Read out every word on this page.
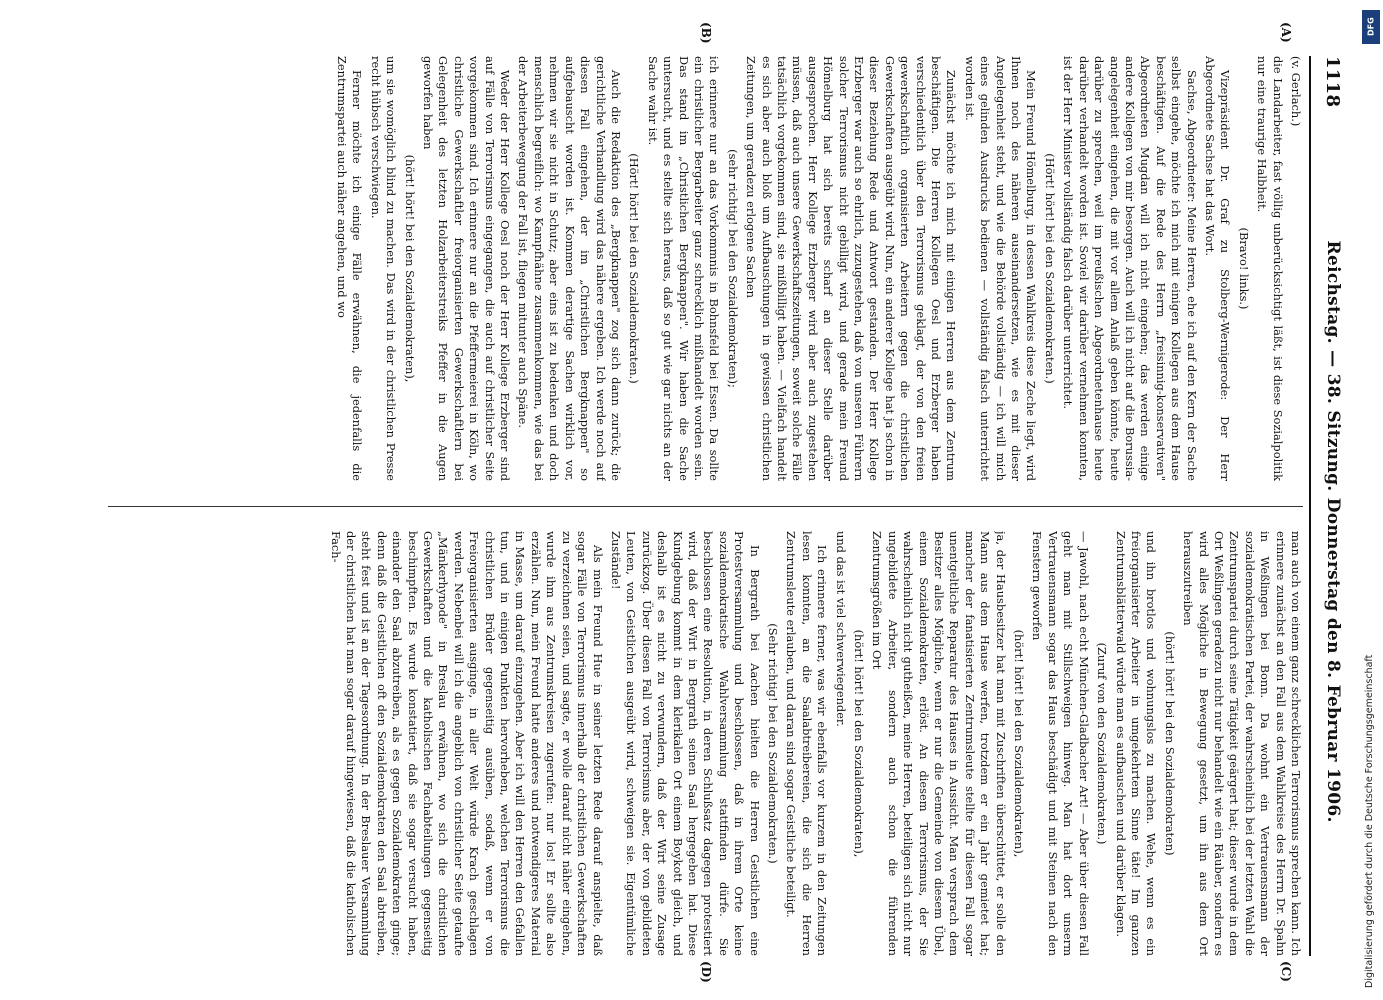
1118
Reichstag. — 38. Sitzung. Donnerstag den 8. Februar 1906.

(v. Gerlach.)

die Landarbeiter, fast völlig unberücksichtigt läßt, ist diese Sozialpolitik nur eine traurige Halbheit.

(Bravo! links.)

Vizepräsident Dr. Graf zu Stolberg-Wernigerode: Der Herr Abgeordnete Sachse hat das Wort.

Sachse, Abgeordneter: Meine Herren, ehe ich auf den Kern der Sache selbst eingehe, möchte ich mich mit einigen Kollegen aus dem Hause beschäftigen. Auf die Rede des Herrn „freisinnig-konservativen" Abgeordneten Mugdan will ich nicht eingehen; das werden einige andere Kollegen von mir besorgen. Auch will ich nicht auf die Borussia-angelegenheit eingehen, die mit vor allem Anlaß geben könnte, heute darüber zu sprechen, weil im preußischen Abgeordnetenhause heute darüber verhandelt worden ist. Soviel wir darüber vernehmen konnten, ist der Herr Minister vollständig falsch darüber unterrichtet.

(Hört! hört! bei den Sozialdemokraten.)

Mein Freund Hömelburg, in dessen Wahlkreis diese Zeche liegt, wird Ihnen noch des näheren auseinandersetzen, wie es mit dieser Angelegenheit steht, und wie die Behörde vollständig — ich will mich eines gelinden Ausdrucks bedienen — vollständig falsch unterrichtet worden ist.

Zunächst möchte ich mich mit einigen Herren aus dem Zentrum beschäftigen. Die Herren Kollegen Oesl und Erzberger haben verschiedentlich über den Terrorismus geklagt, der von den freien gewerkschaftlich organisierten Arbeitern gegen die christlichen Gewerkschaften ausgeübt wird. Nun, ein anderer Kollege hat ja schon in dieser Beziehung Rede und Antwort gestanden. Der Herr Kollege Erzberger war auch so ehrlich, zuzugestehen, daß von unseren Führern solcher Terrorismus nicht gebilligt wird, und gerade mein Freund Hömelburg hat sich bereits scharf an dieser Stelle darüber ausgesprochen. Herr Kollege Erzberger wird aber auch zugestehen müssen, daß auch unsere Gewerkschaftszeitungen, soweit solche Fälle tatsächlich vorgekommen sind, sie mißbilligt haben. — Vielfach handelt es sich aber auch bloß um Aufbauschungen in gewissen christlichen Zeitungen, um geradezu erlogene Sachen

(sehr richtig! bei den Sozialdemokraten);

ich erinnere nur an das Vorkommnis in Bohnsfeld bei Essen. Da sollte ein christlicher Bergarbeiter ganz schrecklich mißhandelt worden sein. Das stand im „Christlichen Bergknappen". Wir haben die Sache untersucht, und es stellte sich heraus, daß so gut wie gar nichts an der Sache wahr ist.

(Hört! hört! bei den Sozialdemokraten.)

Auch die Redaktion des „Bergknappen" zog sich dann zurück; die gerichtliche Verhandlung wird das nähere ergeben. Ich werde noch auf diesen Fall eingehen, der im „Christlichen Bergknappen" so aufgebauscht worden ist. Kommen derartige Sachen wirklich vor, nehmen wir sie nicht in Schutz; aber eins ist zu bedenken und doch menschlich begreiflich: wo Kampfhähne zusammenkommen, wie das bei der Arbeiterbewegung der Fall ist, fliegen mitunter auch Späne.

Weder der Herr Kollege Oesl noch der Herr Kollege Erzberger sind auf Fälle von Terrorismus eingegangen, die auch auf christlicher Seite vorgekommen sind. Ich erinnere nur an die Pfeffermeierei in Köln, wo christliche Gewerkschaftler freiorganisierten Gewerkschaftlern bei Gelegenheit des letzten Holzarbeiterstreiks Pfeffer in die Augen geworfen haben

(hört! hört! bei den Sozialdemokraten),

um sie womöglich blind zu machen. Das wird in der christlichen Presse recht hübsch verschwiegen.

Ferner möchte ich einige Fälle erwähnen, die jedenfalls die Zentrumspartei auch näher angehen, und wo

man auch von einem ganz schrecklichen Terrorismus sprechen kann. Ich erinnere zunächst an den Fall aus dem Wahlkreise des Herrn Dr. Spahn in Weßlingen bei Bonn. Da wohnt ein Vertrauensmann der sozialdemokratischen Partei, der wahrscheinlich bei der letzten Wahl die Zentrumspartei durch seine Tätigkeit geärgert hat; dieser wurde in dem Ort Weßlingen geradezu nicht nur behandelt wie ein Räuber, sondern es wird alles Mögliche in Bewegung gesetzt, um ihn aus dem Ort herauszutreiben

(hört! hört! bei den Sozialdemokraten)

und ihn brotlos und wohnungslos zu machen. Wehe, wenn es ein freiorganisierter Arbeiter in umgekehrtem Sinne täte! Im ganzen Zentrumsblätterwald würde man es aufbauschen und darüber klagen.

(Zuruf von den Sozialdemokraten.)

— Jawohl, nach echt München-Gladbacher Art! — Aber über diesen Fall geht man mit Stillschweigen hinweg. Man hat dort unserm Vertrauensmann sogar das Haus beschädigt und mit Steinen nach den Fenstern geworfen

(hört! hört! bei den Sozialdemokraten),

ja, der Hausbesitzer hat man mit Zuschriften überschüttet, er solle den Mann aus dem Hause werfen, trotzdem er ein Jahr gemietet hat; mancher der fanatisierten Zentrumsleute stellte für diesen Fall sogar unentgeltliche Reparatur des Hauses in Aussicht. Man versprach dem Besitzer alles Mögliche, wenn er nur die Gemeinde von diesem Übel, einem Sozialdemokraten, erlöst. An diesem Terrorismus, der Sie wahrscheinlich nicht gutheißen, meine Herren, beteiligen sich nicht nur ungebildete Arbeiter, sondern auch schon die führenden Zentrumsgrößen im Ort

(hört! hört! bei den Sozialdemokraten),

und das ist viel schwerwiegender.

Ich erinnere ferner, was wir ebenfalls vor kurzem in den Zeitungen lesen konnten, an die Saalabtreibereien, die sich die Herren Zentrumsleute erlauben, und daran sind sogar Geistliche beteiligt.

(Sehr richtig! bei den Sozialdemokraten.)

In Bergrath bei Aachen hielten die Herren Geistlichen eine Protestversammlung und beschlossen, daß in ihrem Orte keine sozialdemokratische Wahlversammlung stattfinden dürfe. Sie beschlossen eine Resolution, in deren Schlußsatz dagegen protestiert wird, daß der Wirt in Bergrath seinen Saal hergegeben hat. Diese Kundgebung kommt in dem klerikalen Ort einem Boykott gleich, und deshalb ist es nicht zu verwundern, daß der Wirt seine Zusage zurückzog. Über diesen Fall von Terrorismus aber, der von gebildeten Leuten, von Geistlichen ausgeübt wird, schweigen sie. Eigentümliche Zustände!

Als mein Freund Hue in seiner letzten Rede darauf anspielte, daß sogar Fälle von Terrorismus innerhalb der christlichen Gewerkschaften zu verzeichnen seien, und sagte, er wolle darauf nicht näher eingehen, wurde ihm aus Zentrumskreisen zugerufen: nur los! Er sollte also erzählen. Nun, mein Freund hatte anderes und notwendigeres Material in Masse, um darauf einzugehen. Aber ich will den Herren den Gefallen tun, und in einigen Punkten hervorheben, welchen Terrorismus die christlichen Brüder gegenseitig ausüben, sodaß, wenn er von Freiorganisierten ausginge, in aller Welt würde Krach geschlagen werden. Nebenbei will ich die angeblich von christlicher Seite getaufte „Mänkerhynode" in Breslau erwähnen, wo sich die christlichen Gewerkschaften und die katholischen Fachabteilungen gegenseitig beschimpften. Es wurde konstatiert, daß sie sogar versucht haben, einander den Saal abzutreiben, als es gegen Sozialdemokraten ginge; denn daß die Geistlichen oft den Sozialdemokraten den Saal abtreiben, steht fest und ist an der Tagesordnung. In der Breslauer Versammlung der christlichen hat man sogar darauf hingewiesen, daß die katholischen Fach-

(A)
(B)
(C)
(D)
DFG
Digitalisierung gefördert durch die Deutsche Forschungsgemeinschaft
